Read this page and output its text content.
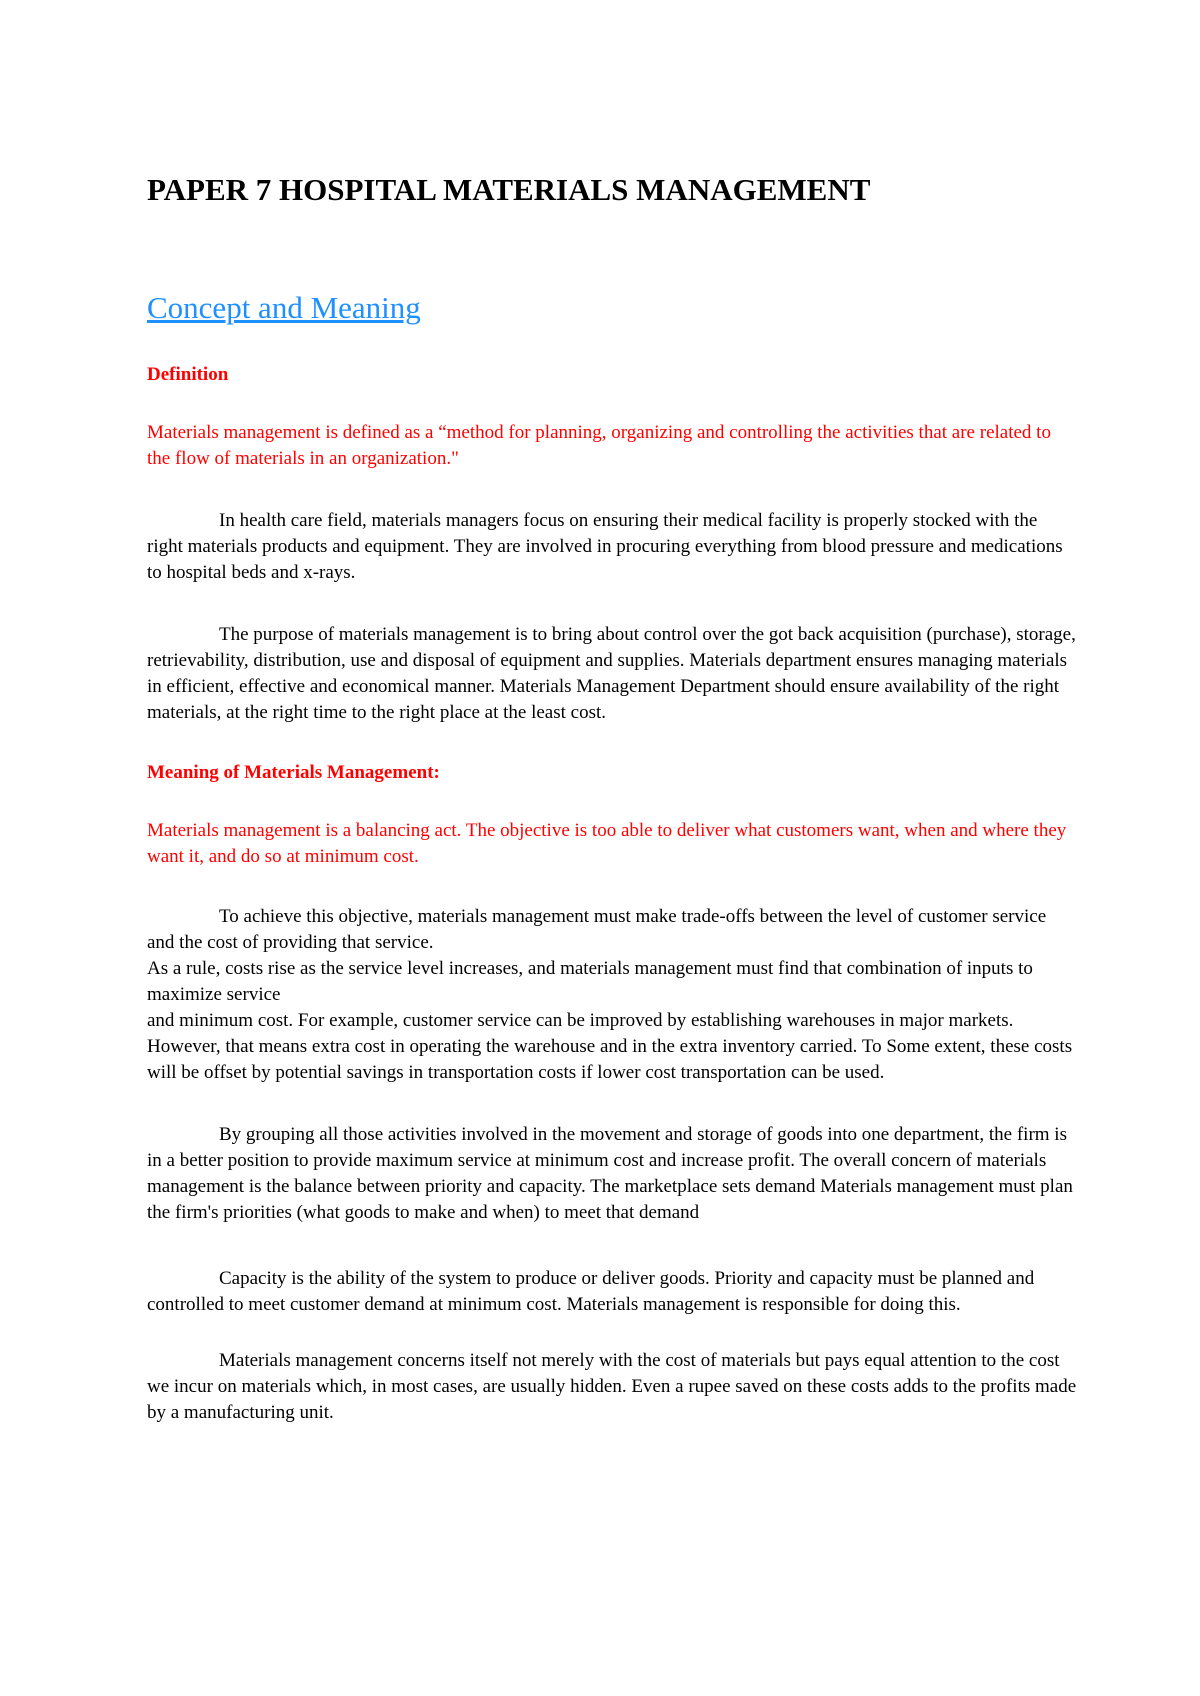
PAPER 7 HOSPITAL MATERIALS MANAGEMENT
Concept and Meaning
Definition

Materials management is defined as a “method for planning, organizing and controlling the activities that are related to the flow of materials in an organization."

In health care field, materials managers focus on ensuring their medical facility is properly stocked with the right materials products and equipment. They are involved in procuring everything from blood pressure and medications to hospital beds and x-rays.

The purpose of materials management is to bring about control over the got back acquisition (purchase), storage, retrievability, distribution, use and disposal of equipment and supplies. Materials department ensures managing materials in efficient, effective and economical manner. Materials Management Department should ensure availability of the right materials, at the right time to the right place at the least cost.

Meaning of Materials Management:

Materials management is a balancing act. The objective is too able to deliver what customers want, when and where they want it, and do so at minimum cost.

To achieve this objective, materials management must make trade-offs between the level of customer service and the cost of providing that service.
As a rule, costs rise as the service level increases, and materials management must find that combination of inputs to maximize service
and minimum cost. For example, customer service can be improved by establishing warehouses in major markets. However, that means extra cost in operating the warehouse and in the extra inventory carried. To Some extent, these costs will be offset by potential savings in transportation costs if lower cost transportation can be used.

By grouping all those activities involved in the movement and storage of goods into one department, the firm is in a better position to provide maximum service at minimum cost and increase profit. The overall concern of materials management is the balance between priority and capacity. The marketplace sets demand Materials management must plan the firm's priorities (what goods to make and when) to meet that demand

Capacity is the ability of the system to produce or deliver goods. Priority and capacity must be planned and controlled to meet customer demand at minimum cost. Materials management is responsible for doing this.

Materials management concerns itself not merely with the cost of materials but pays equal attention to the cost we incur on materials which, in most cases, are usually hidden. Even a rupee saved on these costs adds to the profits made by a manufacturing unit.
